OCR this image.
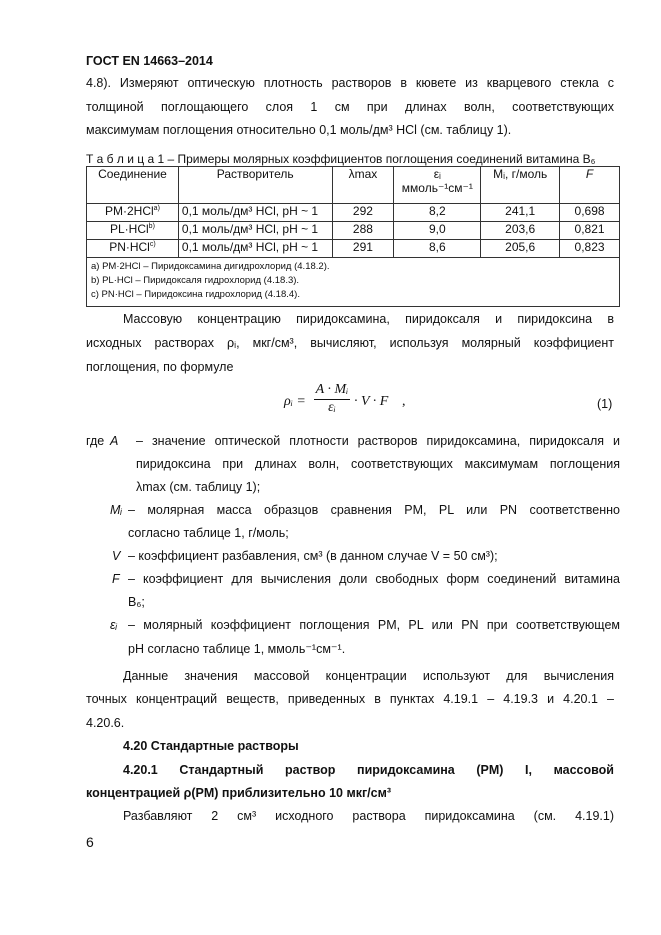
ГОСТ EN 14663–2014
4.8). Измеряют оптическую плотность растворов в кювете из кварцевого стекла с
толщиной поглощающего слоя 1 см при длинах волн, соответствующих
максимумам поглощения относительно 0,1 моль/дм³ HCl (см. таблицу 1).
Т а б л и ц а 1 – Примеры молярных коэффициентов поглощения соединений витамина B₆
Соединение	Растворитель	λmax	εᵢ ммоль⁻¹см⁻¹	Mᵢ, г/моль	F
PM·2HCl$^{a)}$	0,1 моль/дм³ HCl, pH ~ 1	292	8,2	241,1	0,698
PL·HCl$^{b)}$	0,1 моль/дм³ HCl, pH ~ 1	288	9,0	203,6	0,821
PN·HCl$^{c)}$	0,1 моль/дм³ HCl, pH ~ 1	291	8,6	205,6	0,823

a) PM·2HCl – Пиридоксамина дигидрохлорид (4.18.2).
b) PL·HCl – Пиридоксаля гидрохлорид (4.18.3).
c) PN·HCl – Пиридоксина гидрохлорид (4.18.4).					
Массовую концентрацию пиридоксамина, пиридоксаля и пиридоксина в
исходных растворах ρᵢ, мкг/см³, вычисляют, используя молярный коэффициент
поглощения, по формуле
ρᵢ = $\frac{\text{A · Mᵢ}}{\text{εᵢ}} \cdot V \cdot F$ ,	(1)
где A – значение оптической плотности растворов пиридоксамина, пиридоксаля и
пиридоксина при длинах волн, соответствующих максимумам поглощения
λmax (см. таблицу 1);
Mᵢ – молярная масса образцов сравнения PM, PL или PN соответственно
согласно таблице 1, г/моль;
V – коэффициент разбавления, см³ (в данном случае V = 50 см³);
F – коэффициент для вычисления доли свободных форм соединений витамина
B₆;
εᵢ – молярный коэффициент поглощения PM, PL или PN при соответствующем
pH согласно таблице 1, ммоль⁻¹см⁻¹.
Данные значения массовой концентрации используют для вычисления
точных концентраций веществ, приведенных в пунктах 4.19.1 – 4.19.3 и 4.20.1 –
4.20.6.
4.20 Стандартные растворы
4.20.1 Стандартный раствор пиридоксамина (PM) I, массовой
концентрацией ρ(PM) приблизительно 10 мкг/см³
Разбавляют 2 см³ исходного раствора пиридоксамина (см. 4.19.1)
6
